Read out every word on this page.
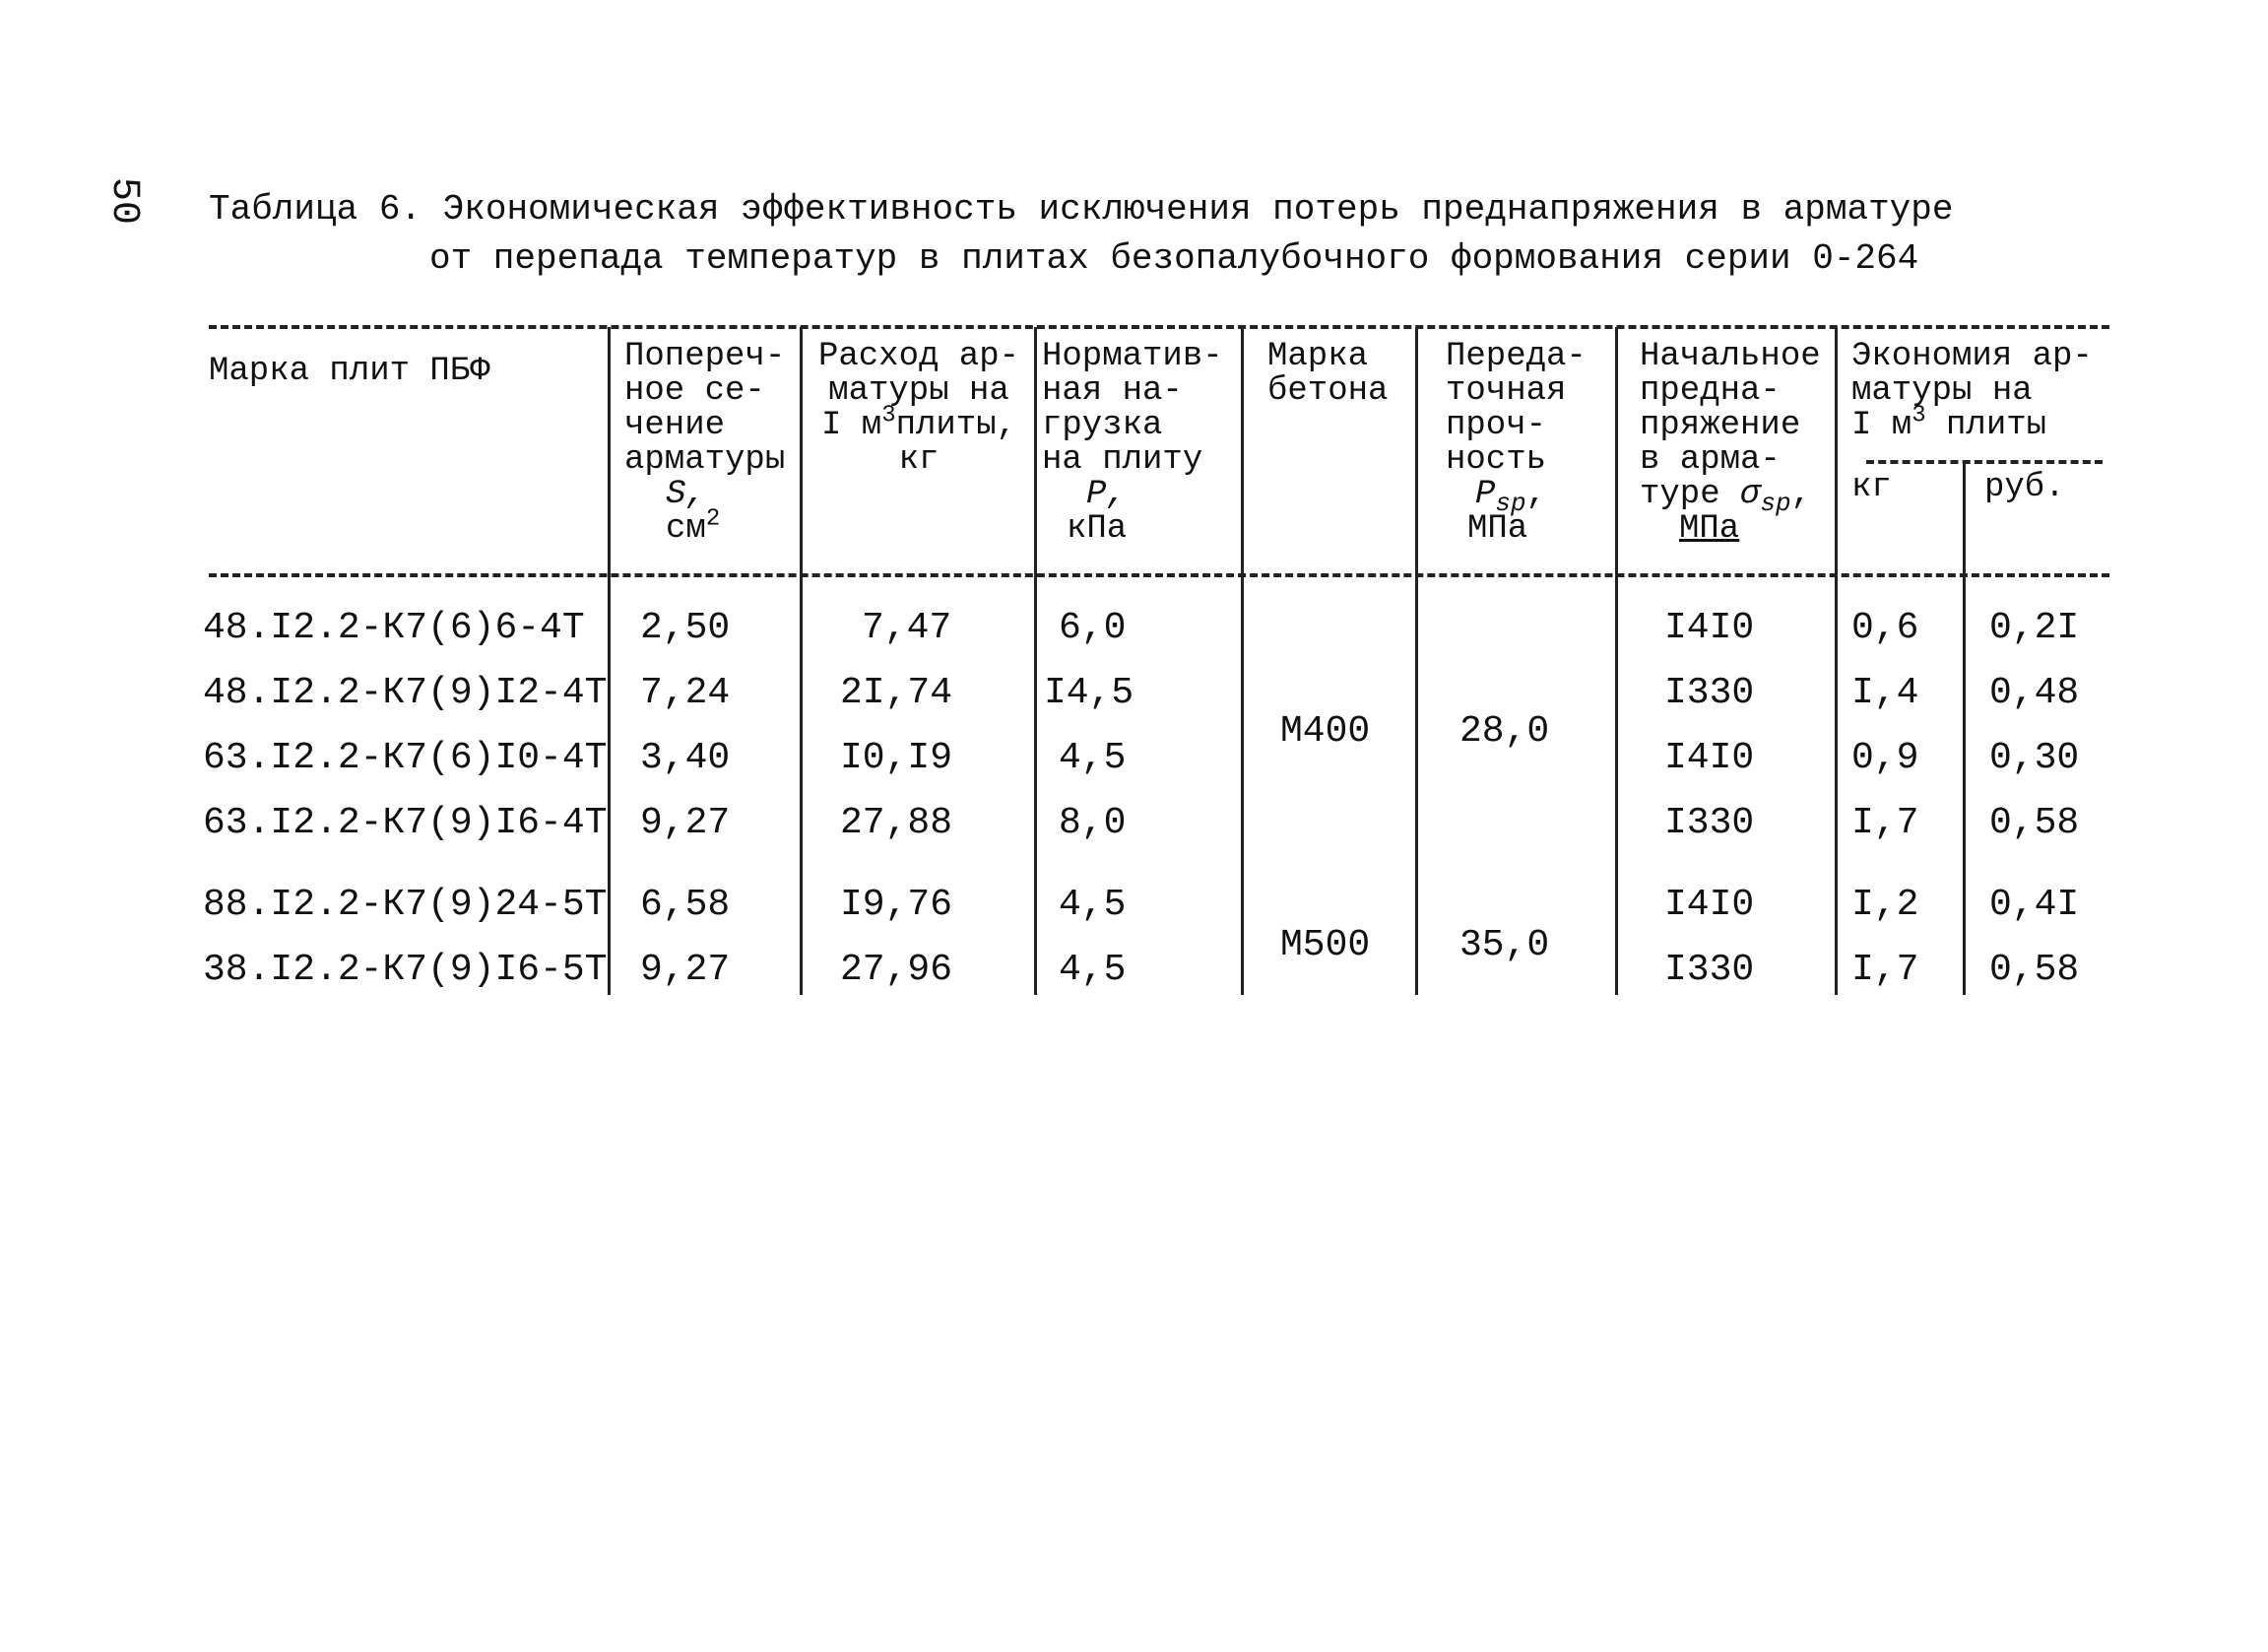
50 Таблица 6. Экономическая эффективность исключения потерь преднапряжения в арматуре
от перепада температур в плитах безопалубочного формования серии 0-264
Марка плит ПБФ	Попереч-
ное се-
чение
арматуры
S,
$см^2$
Расход ар-
матуры на
I $м^3плиты$,
кг
Норматив-
ная на-
грузка
на плиту
P,
кПа
Марка
бетона
Переда-
точная
проч-
ность
$P_{sp}$,
МПа
Начальное
предна-
пряжение
в арма-
туре $\sigma_{sp}$,
МПа
Экономия ар-
матуры на
I $м^3$ плиты
кг	руб.
48.I2.2-К7(6)6-4Т
48.I2.2-К7(9)I2-4Т
63.I2.2-К7(6)I0-4Т
63.I2.2-К7(9)I6-4Т
88.I2.2-К7(9)24-5Т
38.I2.2-К7(9)I6-5Т
2,50
7,24
3,40
9,27
6,58
9,27
7,47
2I,74
I0,I9
27,88
I9,76
27,96
6,0
I4,5
4,5
8,0
4,5
4,5
М400 28,0
М500 35,0
I4I0
I330
I4I0
I330
I4I0
I330
0,6
I,4
0,9
I,7
I,2
I,7
0,2I
0,48
0,30
0,58
0,4I
0,58
